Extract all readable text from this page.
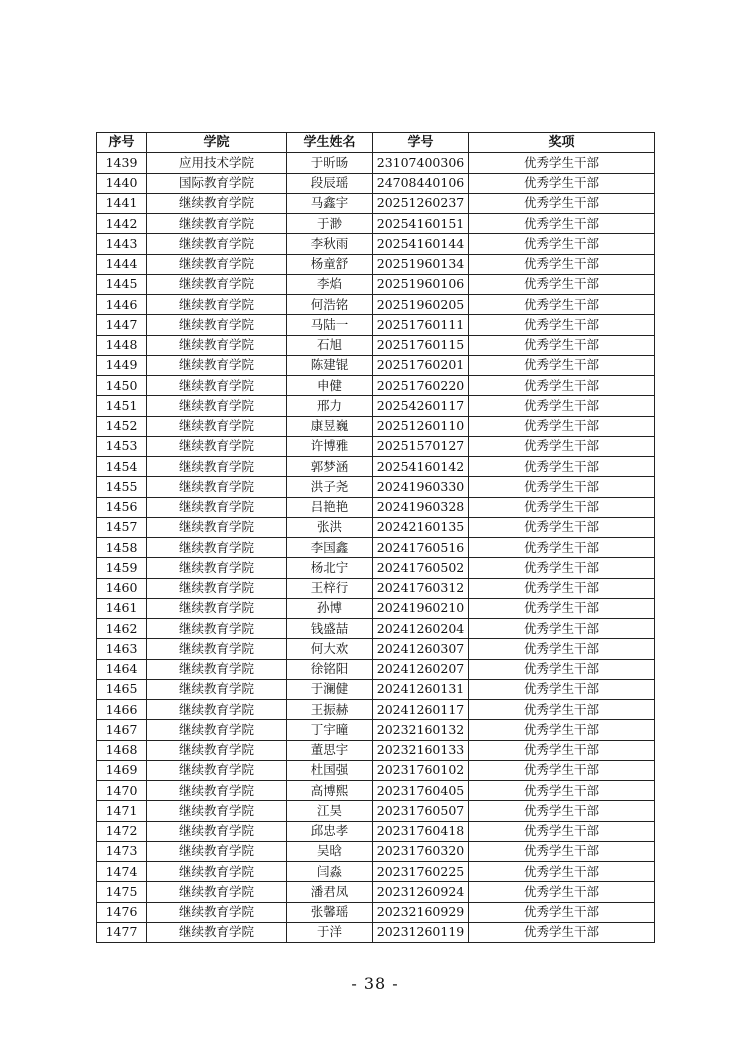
序号	学院	学生姓名	学号	奖项
1439	应用技术学院	于昕旸	23107400306	优秀学生干部
1440	国际教育学院	段辰瑶	24708440106	优秀学生干部
1441	继续教育学院	马鑫宇	20251260237	优秀学生干部
1442	继续教育学院	于渺	20254160151	优秀学生干部
1443	继续教育学院	李秋雨	20254160144	优秀学生干部
1444	继续教育学院	杨童舒	20251960134	优秀学生干部
1445	继续教育学院	李焰	20251960106	优秀学生干部
1446	继续教育学院	何浩铭	20251960205	优秀学生干部
1447	继续教育学院	马陆一	20251760111	优秀学生干部
1448	继续教育学院	石旭	20251760115	优秀学生干部
1449	继续教育学院	陈建锟	20251760201	优秀学生干部
1450	继续教育学院	申健	20251760220	优秀学生干部
1451	继续教育学院	邢力	20254260117	优秀学生干部
1452	继续教育学院	康昱巍	20251260110	优秀学生干部
1453	继续教育学院	许博雅	20251570127	优秀学生干部
1454	继续教育学院	郭梦涵	20254160142	优秀学生干部
1455	继续教育学院	洪子尧	20241960330	优秀学生干部
1456	继续教育学院	吕艳艳	20241960328	优秀学生干部
1457	继续教育学院	张洪	20242160135	优秀学生干部
1458	继续教育学院	李国鑫	20241760516	优秀学生干部
1459	继续教育学院	杨北宁	20241760502	优秀学生干部
1460	继续教育学院	王梓行	20241760312	优秀学生干部
1461	继续教育学院	孙博	20241960210	优秀学生干部
1462	继续教育学院	钱盛喆	20241260204	优秀学生干部
1463	继续教育学院	何大欢	20241260307	优秀学生干部
1464	继续教育学院	徐铭阳	20241260207	优秀学生干部
1465	继续教育学院	于澜健	20241260131	优秀学生干部
1466	继续教育学院	王振赫	20241260117	优秀学生干部
1467	继续教育学院	丁宇曈	20232160132	优秀学生干部
1468	继续教育学院	董思宇	20232160133	优秀学生干部
1469	继续教育学院	杜国强	20231760102	优秀学生干部
1470	继续教育学院	高博熙	20231760405	优秀学生干部
1471	继续教育学院	江昊	20231760507	优秀学生干部
1472	继续教育学院	邱忠孝	20231760418	优秀学生干部
1473	继续教育学院	吴晗	20231760320	优秀学生干部
1474	继续教育学院	闫淼	20231760225	优秀学生干部
1475	继续教育学院	潘君凤	20231260924	优秀学生干部
1476	继续教育学院	张馨瑶	20232160929	优秀学生干部
1477	继续教育学院	于洋	20231260119	优秀学生干部
- 38 -
